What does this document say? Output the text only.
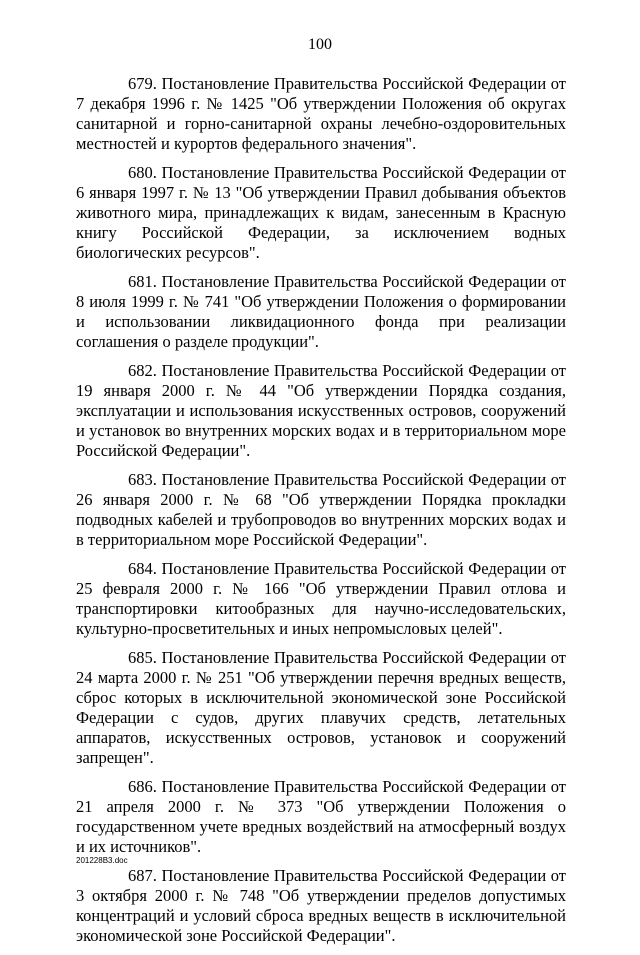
100

679. Постановление Правительства Российской Федерации от 7 декабря 1996 г. № 1425 "Об утверждении Положения об округах санитарной и горно-санитарной охраны лечебно-оздоровительных местностей и курортов федерального значения".

680. Постановление Правительства Российской Федерации от 6 января 1997 г. № 13 "Об утверждении Правил добывания объектов животного мира, принадлежащих к видам, занесенным в Красную книгу Российской Федерации, за исключением водных биологических ресурсов".

681. Постановление Правительства Российской Федерации от 8 июля 1999 г. № 741 "Об утверждении Положения о формировании и использовании ликвидационного фонда при реализации соглашения о разделе продукции".

682. Постановление Правительства Российской Федерации от 19 января 2000 г. № 44 "Об утверждении Порядка создания, эксплуатации и использования искусственных островов, сооружений и установок во внутренних морских водах и в территориальном море Российской Федерации".

683. Постановление Правительства Российской Федерации от 26 января 2000 г. № 68 "Об утверждении Порядка прокладки подводных кабелей и трубопроводов во внутренних морских водах и в территориальном море Российской Федерации".

684. Постановление Правительства Российской Федерации от 25 февраля 2000 г. № 166 "Об утверждении Правил отлова и транспортировки китообразных для научно-исследовательских, культурно-просветительных и иных непромысловых целей".

685. Постановление Правительства Российской Федерации от 24 марта 2000 г. № 251 "Об утверждении перечня вредных веществ, сброс которых в исключительной экономической зоне Российской Федерации с судов, других плавучих средств, летательных аппаратов, искусственных островов, установок и сооружений запрещен".

686. Постановление Правительства Российской Федерации от 21 апреля 2000 г. № 373 "Об утверждении Положения о государственном учете вредных воздействий на атмосферный воздух и их источников".

687. Постановление Правительства Российской Федерации от 3 октября 2000 г. № 748 "Об утверждении пределов допустимых концентраций и условий сброса вредных веществ в исключительной экономической зоне Российской Федерации".

201228B3.doc
